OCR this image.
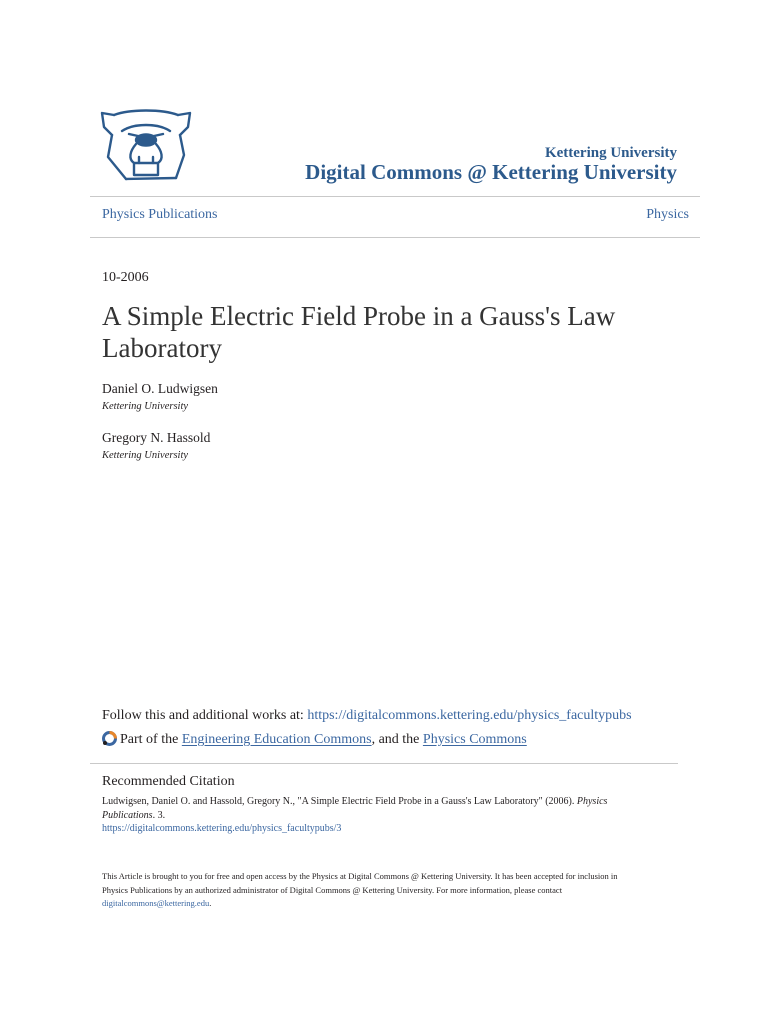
Kettering University
Digital Commons @ Kettering University
Physics Publications	Physics
10-2006
A Simple Electric Field Probe in a Gauss's Law Laboratory
Daniel O. Ludwigsen
Kettering University
Gregory N. Hassold
Kettering University
Follow this and additional works at: https://digitalcommons.kettering.edu/physics_facultypubs
Part of the Engineering Education Commons, and the Physics Commons
Recommended Citation
Ludwigsen, Daniel O. and Hassold, Gregory N., "A Simple Electric Field Probe in a Gauss's Law Laboratory" (2006). Physics Publications. 3.
https://digitalcommons.kettering.edu/physics_facultypubs/3
This Article is brought to you for free and open access by the Physics at Digital Commons @ Kettering University. It has been accepted for inclusion in
Physics Publications by an authorized administrator of Digital Commons @ Kettering University. For more information, please contact
digitalcommons@kettering.edu.
